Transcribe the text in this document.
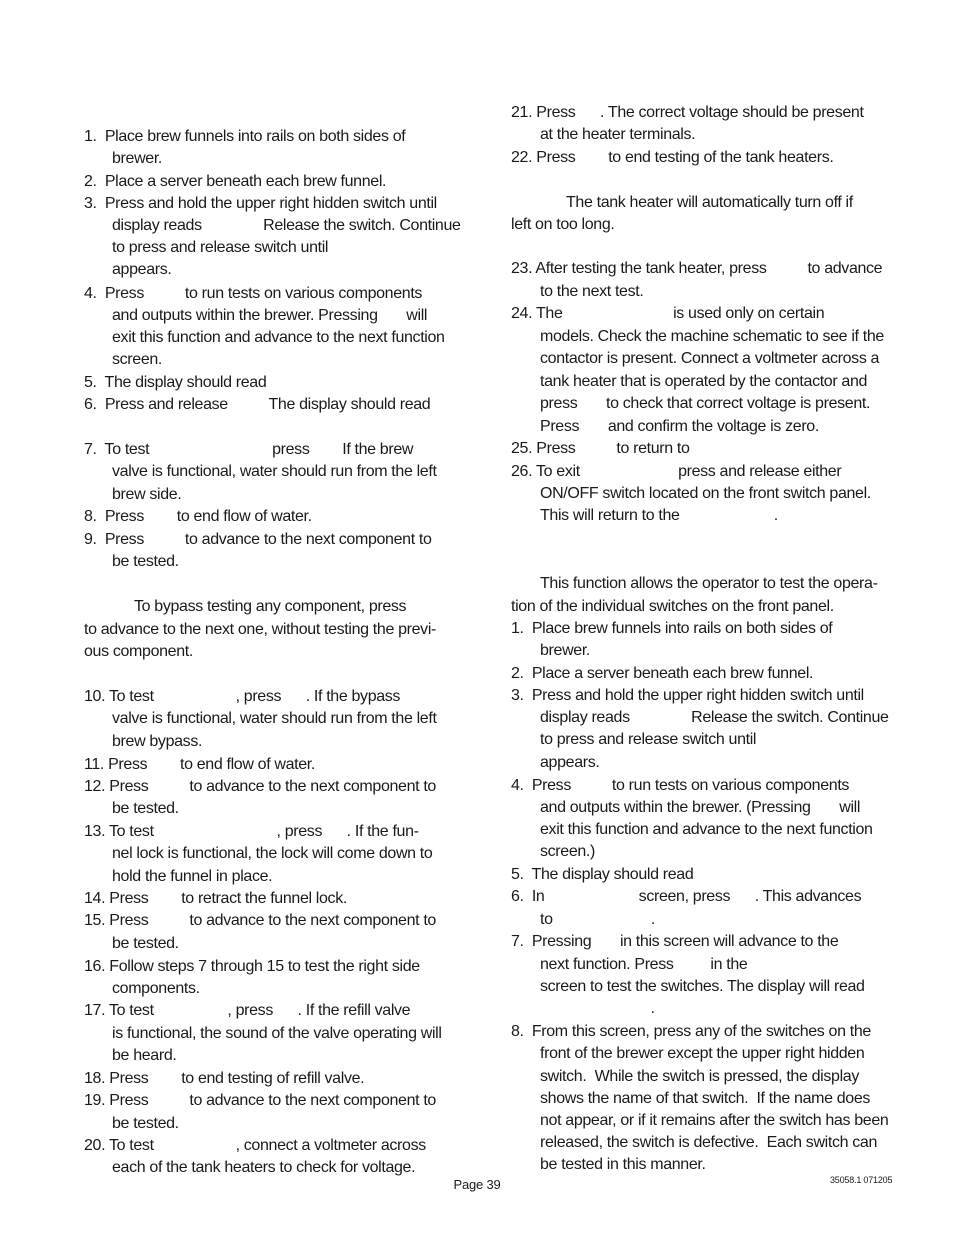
1.  Place brew funnels into rails on both sides of
brewer.
2.  Place a server beneath each brew funnel.
3.  Press and hold the upper right hidden switch until
display reads               Release the switch. Continue
to press and release switch until
appears.
4.  Press          to run tests on various components
and outputs within the brewer. Pressing       will
exit this function and advance to the next function
screen.
5.  The display should read
6.  Press and release          The display should read
7.  To test                              press        If the brew
valve is functional, water should run from the left
brew side.
8.  Press        to end flow of water.
9.  Press          to advance to the next component to
be tested.
To bypass testing any component, press
to advance to the next one, without testing the previ-
ous component.
10. To test                    , press      . If the bypass
valve is functional, water should run from the left
brew bypass.
11. Press        to end flow of water.
12. Press          to advance to the next component to
be tested.
13. To test                              , press      . If the fun-
nel lock is functional, the lock will come down to
hold the funnel in place.
14. Press        to retract the funnel lock.
15. Press          to advance to the next component to
be tested.
16. Follow steps 7 through 15 to test the right side
components.
17. To test                  , press      . If the refill valve
is functional, the sound of the valve operating will
be heard.
18. Press        to end testing of refill valve.
19. Press          to advance to the next component to
be tested.
20. To test                    , connect a voltmeter across
each of the tank heaters to check for voltage.
21. Press      . The correct voltage should be present
at the heater terminals.
22. Press        to end testing of the tank heaters.
The tank heater will automatically turn off if
left on too long.
23. After testing the tank heater, press          to advance
to the next test.
24. The                           is used only on certain
models. Check the machine schematic to see if the
contactor is present. Connect a voltmeter across a
tank heater that is operated by the contactor and
press       to check that correct voltage is present.
Press       and confirm the voltage is zero.
25. Press          to return to
26. To exit                        press and release either
ON/OFF switch located on the front switch panel.
This will return to the                       .
This function allows the operator to test the opera-
tion of the individual switches on the front panel.
1.  Place brew funnels into rails on both sides of
brewer.
2.  Place a server beneath each brew funnel.
3.  Press and hold the upper right hidden switch until
display reads               Release the switch. Continue
to press and release switch until
appears.
4.  Press          to run tests on various components
and outputs within the brewer. (Pressing       will
exit this function and advance to the next function
screen.)
5.  The display should read
6.  In                       screen, press      . This advances
to                        .
7.  Pressing       in this screen will advance to the
next function. Press         in the
screen to test the switches. The display will read
.
8.  From this screen, press any of the switches on the
front of the brewer except the upper right hidden
switch.  While the switch is pressed, the display
shows the name of that switch.  If the name does
not appear, or if it remains after the switch has been
released, the switch is defective.  Each switch can
be tested in this manner.
Page 39	35058.1 071205
